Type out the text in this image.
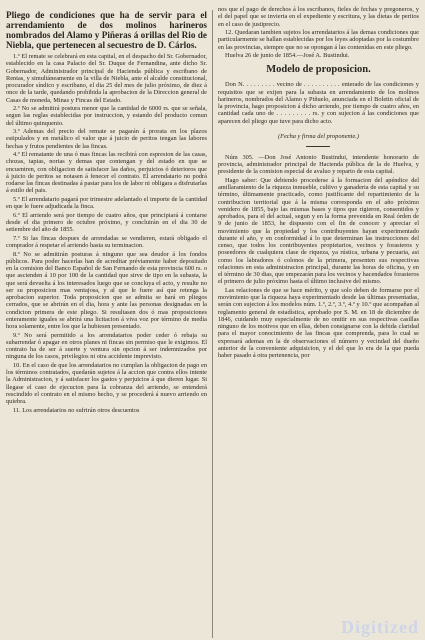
Pliego de condiciones que ha de servir para el arrendamiento de dos molinos harineros nombrados del Alamo y Piñeras á orillas del Rio de Niebla, que pertenecen al secuestro de D. Cárlos.

1.º El remate se celebrará en esta capital, en el despacho del Sr. Gobernador, establecido en la casa Palacio del Sr. Duque de Fernandina, ante dicho Sr. Gobernador, Administrador principal de Hacienda pública y escribano de Rentas, y simultáneamente en la villa de Niebla, ante el alcalde constitucional, procurador síndico y escribano, el dia 25 del mes de julio próximo, de diez á once de la tarde, quedando prohibida la aprobacion de la Direccion general de Casas de moneda, Minas y Fincas del Estado.

2.º No se admitirá postura menor que la cantidad de 6000 rs. que se señala, segun las reglas establecidas por instruccion, y estando del producto comun del último quinquenio.

3.º Ademas del precio del remate se pagarán á prorata en los plazos estipulados y en metálico el valor que á juicio de peritos tengan las labores hechas y frutos pendientes de las fincas.

4.º El rematante de una ó mas fincas las recibirá con espresion de las casas, chozas, tapias, norias y demas que contengan y del estado en que se encuentren, con obligacion de satisfacer las daños, perjuicios ó deterioros que á juicio de peritos se notasen á fenecer el contrato. El arrendatario no podrá rodarse las fincas destinadas á pastar para los de labor ni obligara a disfrutarlas á estilo del pais.

5.º El arrendatario pagará por trimestre adelantado el importe de la cantidad en que le fuere adjudicada la finca.

6.º El arriendo será por tiempo de cuatro años, que principiará á contarse desde el dia primero de octubre próximo, y concluirán en el dia 30 de setiembre del año de 1855.

7.º Si las fincas despues de arrendadas se vendieren, estará obligado el comprador á respetar el arriendo hasta su terminacion.

8.º No se admitirán posturas á ninguno que sea deudor á los fondos públicos. Para poder hacerlas han de acreditar préviamente haber depositado en la comision del Banco Español de San Fernando de esta provincia 600 rs. o que ascienden á 10 por 100 de la cantidad que sirve de tipo en la subasta, la que será devuelta á los interesados luego que se concluya el acto, y resulte no ser su proposicion mas ventajosa, y al que le fuere así que retenga la aprobacion superior. Toda proposicion que se admita se hará en pliegos cerrados, que se abrirán en el dia, hora y ante las personas designadas en la condicion primera de este pliego. Si resultasen dos ó mas proposiciones enteramente iguales se abrirá una licitacion á viva voz por término de media hora solamente, entre los que la hubiesen presentado.

9.º No será permitido a los arrendatarios poder ceder ó rebaja su subarrendar ó apagar en otros planes ni fincas sin permiso que le exigimos. El contrato ha de ser á suerte y ventura sin opcion á ser indemnizados por ninguna de los casos, privilegios ni otra accidente imprevisto.

10. En el caso de que los arrendatarios no cumplan la obligacion de pago en los términos contratados, quedarán sujetos á la accion que contra ellos intente la Administracion, y á satisfacer los gastos y perjuicios á que dieren lugar. Si llegase el caso de ejecucion para la cobranza del arriendo, se entenderá rescindido el contrato en el mismo hecho, y se procederá á nuevo arriendo en quiebra.

11. Los arrendatarios no sufrirán otros descuentos

nos que el pago de derechos á los escribanos, fieles de fechas y pregoneros, y el del papel que se invierta en el expediente y escritura, y las dietas de peritos en el caso de justiprecio.

12. Quedaran tambien sujetos los arrendatarios á las demas condiciones que particularmente se hallan establecidas por los leyes adoptadas por la costumbre en las provincias, siempre que no se opongan á las contenidas en este pliego.

Huelva 26 de junio de 1854.—José A. Bustindui.

Modelo de proposicion.

Don N. . . . . . . . . vecino de . . . . . . . . . . enterado de las condiciones y requisitos que se exijen para la subasta en arrendamiento de los molinos harineros, nombrados del Alamo y Piñuelo, anunciada en el Boletin oficial de la provincia, hago proposicion á dicho arriendo, por tiempo de cuatro años, en cantidad cada uno de . . . . . . . . . rs. y con sujecion á las condiciones que aparecen del pliego que tuve para dicho acto.

(Fecha y firma del proponente.)

Núm 305. —Don José Antonio Bustindui, intendente honorario de provincia, administrador principal de Hacienda pública de la de Huelva, y presidente de la comision especial de avaluo y reparto de esta capital.

Hago saber: Que debiendo procederse á la formacion del apéndice del amillaramiento de la riqueza inmueble, cultivo y ganaderia de esta capital y su término, últimamente practicado, como justificante del repartimiento de la contribucion territorial que á la misma corresponda en el año próximo venidero de 1855, bajo las mismas bases y tipos que rigieron, consentidos y aprobados, para el del actual, segun y en la forma prevenida en Real órden de 9 de junio de 1853, he dispuesto con el fin de conocer y apreciar el movimiento que la propiedad y los contribuyentes hayan experimentado durante el año, y en conformidad á lo que determinan las instrucciones del censo, que todos los contribuyentes propietarios, vecinos y forasteros y poseedores de cualquiera clase de riqueza, ya rústica, urbana y pecuaria, asi como los labradores ó colonos de la primera, presenten sus respectivas relaciones en esta administracion principal, durante las horas de oficina, y en el término de 30 dias, que empezarán para los vecinos y hacendados forasteros el primero de julio próximo hasta el último inclusive del mismo.

Las relaciones de que se hace mérito, y que solo deben de formarse por el movimiento que la riqueza haya experimentado desde las últimas presentadas, serán con sujecion á los modelos núm. 1.º, 2.º, 3.º, 4.º y 10.º que acompañan al reglamento general de estadística, aprobado por S. M. en 18 de diciembre de 1846, cuidando muy especialmente de no omitir en sus respectivas casillas ninguno de los motivos que en ellas, deben consignarse con la debida claridad para el mayor conocimiento de las fincas que comprenda, para lo cual se expresará ademas en la de observaciones el número y vecindad del dueño anterior de la conveniente adquisicion, y el del que lo era de la que pueda haber pasado á otra pertenencia, por

Digitized
